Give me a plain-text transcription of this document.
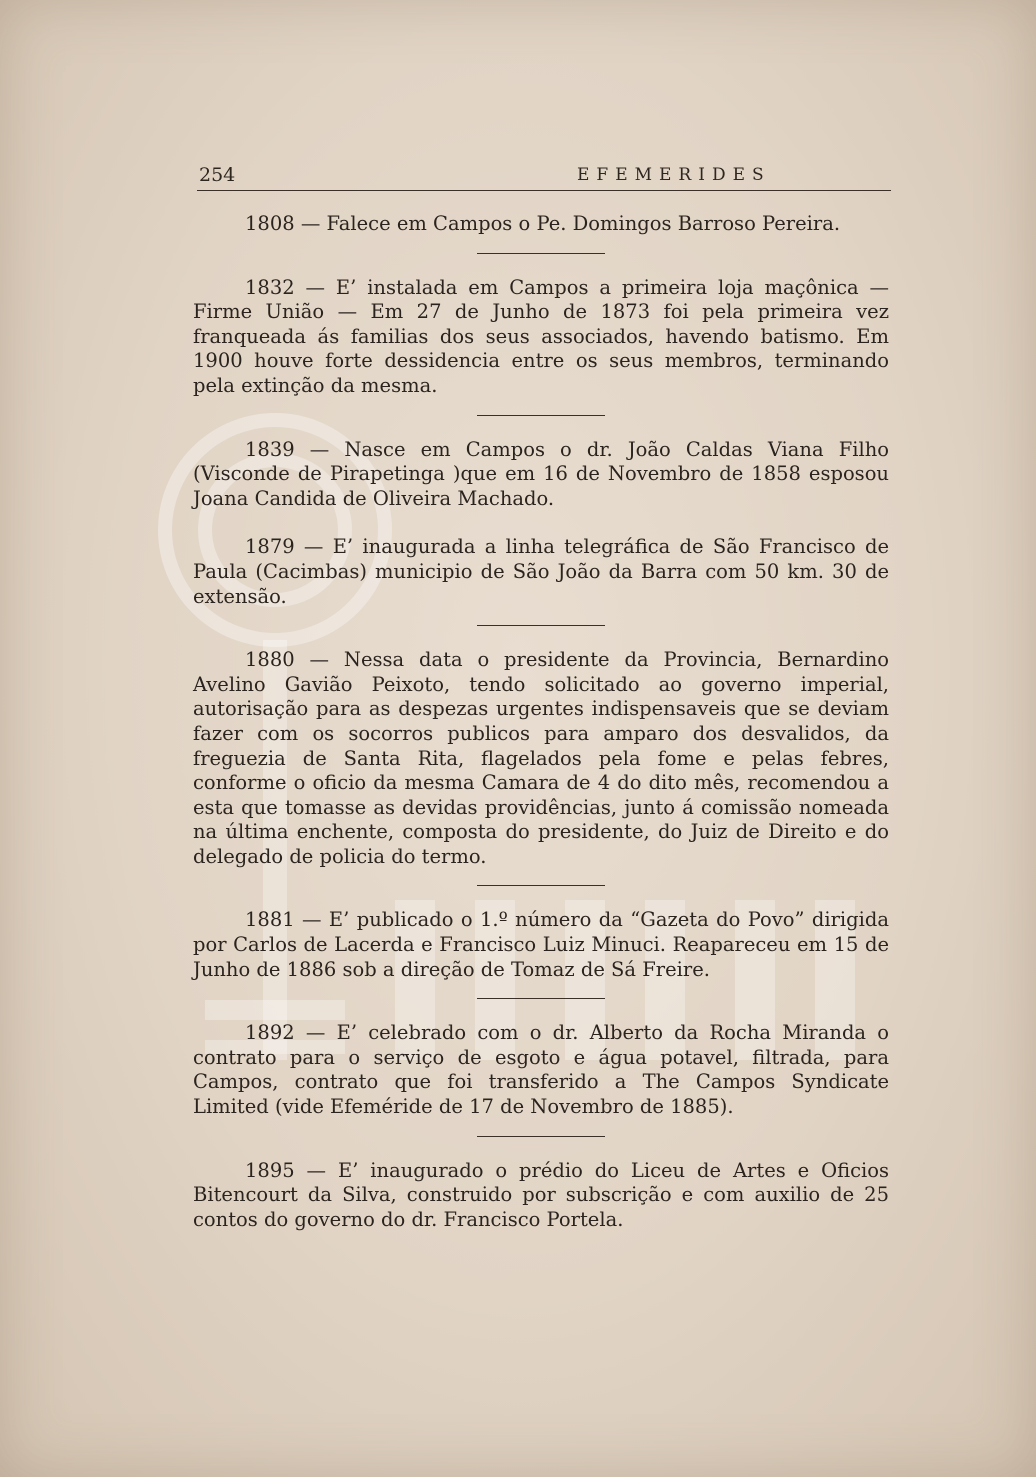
254	EFEMERIDES

1808 — Falece em Campos o Pe. Domingos Barroso Pereira.

1832 — E’ instalada em Campos a primeira loja maçônica — Firme União — Em 27 de Junho de 1873 foi pela primeira vez franqueada ás familias dos seus associados, havendo batismo. Em 1900 houve forte dessidencia entre os seus membros, terminando pela extinção da mesma.

1839 — Nasce em Campos o dr. João Caldas Viana Filho (Visconde de Pirapetinga )que em 16 de Novembro de 1858 esposou Joana Candida de Oliveira Machado.

1879 — E’ inaugurada a linha telegráfica de São Francisco de Paula (Cacimbas) municipio de São João da Barra com 50 km. 30 de extensão.

1880 — Nessa data o presidente da Provincia, Bernardino Avelino Gavião Peixoto, tendo solicitado ao governo imperial, autorisação para as despezas urgentes indispensaveis que se deviam fazer com os socorros publicos para amparo dos desvalidos, da freguezia de Santa Rita, flagelados pela fome e pelas febres, conforme o oficio da mesma Camara de 4 do dito mês, recomendou a esta que tomasse as devidas providências, junto á comissão nomeada na última enchente, composta do presidente, do Juiz de Direito e do delegado de policia do termo.

1881 — E’ publicado o 1.º número da “Gazeta do Povo” dirigida por Carlos de Lacerda e Francisco Luiz Minuci. Reapareceu em 15 de Junho de 1886 sob a direção de Tomaz de Sá Freire.

1892 — E’ celebrado com o dr. Alberto da Rocha Miranda o contrato para o serviço de esgoto e água potavel, filtrada, para Campos, contrato que foi transferido a The Campos Syndicate Limited (vide Efeméride de 17 de Novembro de 1885).

1895 — E’ inaugurado o prédio do Liceu de Artes e Oficios Bitencourt da Silva, construido por subscrição e com auxilio de 25 contos do governo do dr. Francisco Portela.
